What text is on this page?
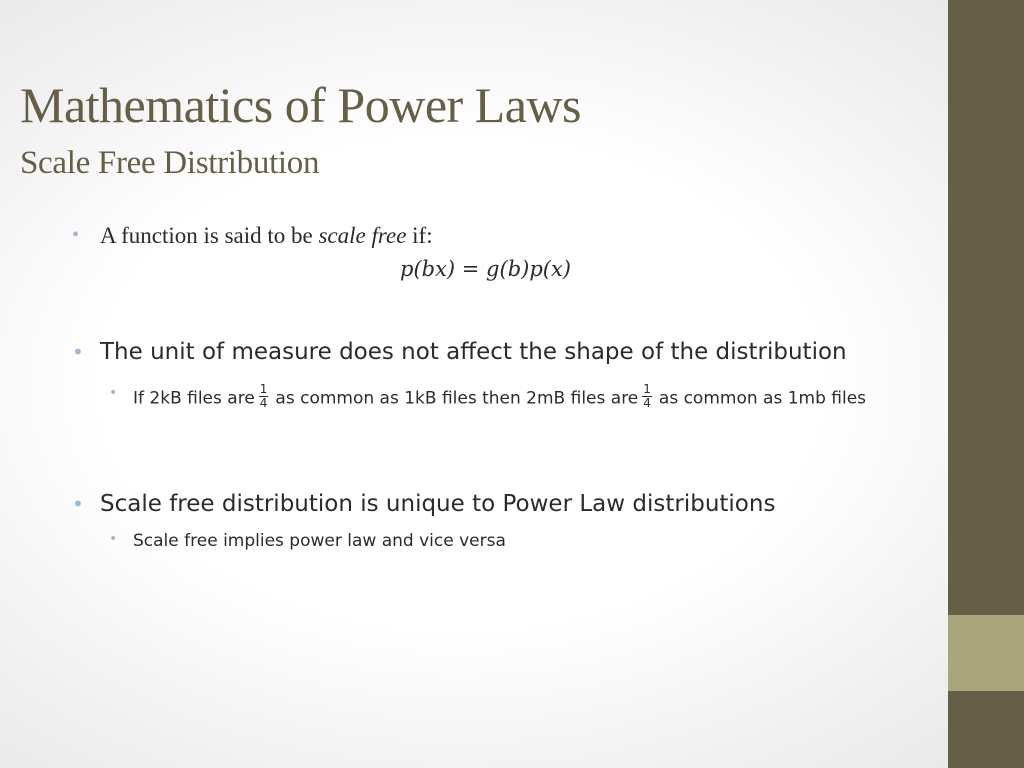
Mathematics of Power Laws
Scale Free Distribution
• A function is said to be scale free if:
p(bx) = g(b)p(x)
• The unit of measure does not affect the shape of the distribution
• If 2kB files are $\frac{1}{4}$ as common as 1kB files then 2mB files are $\frac{1}{4}$ as common as 1mb files
• Scale free distribution is unique to Power Law distributions
• Scale free implies power law and vice versa
